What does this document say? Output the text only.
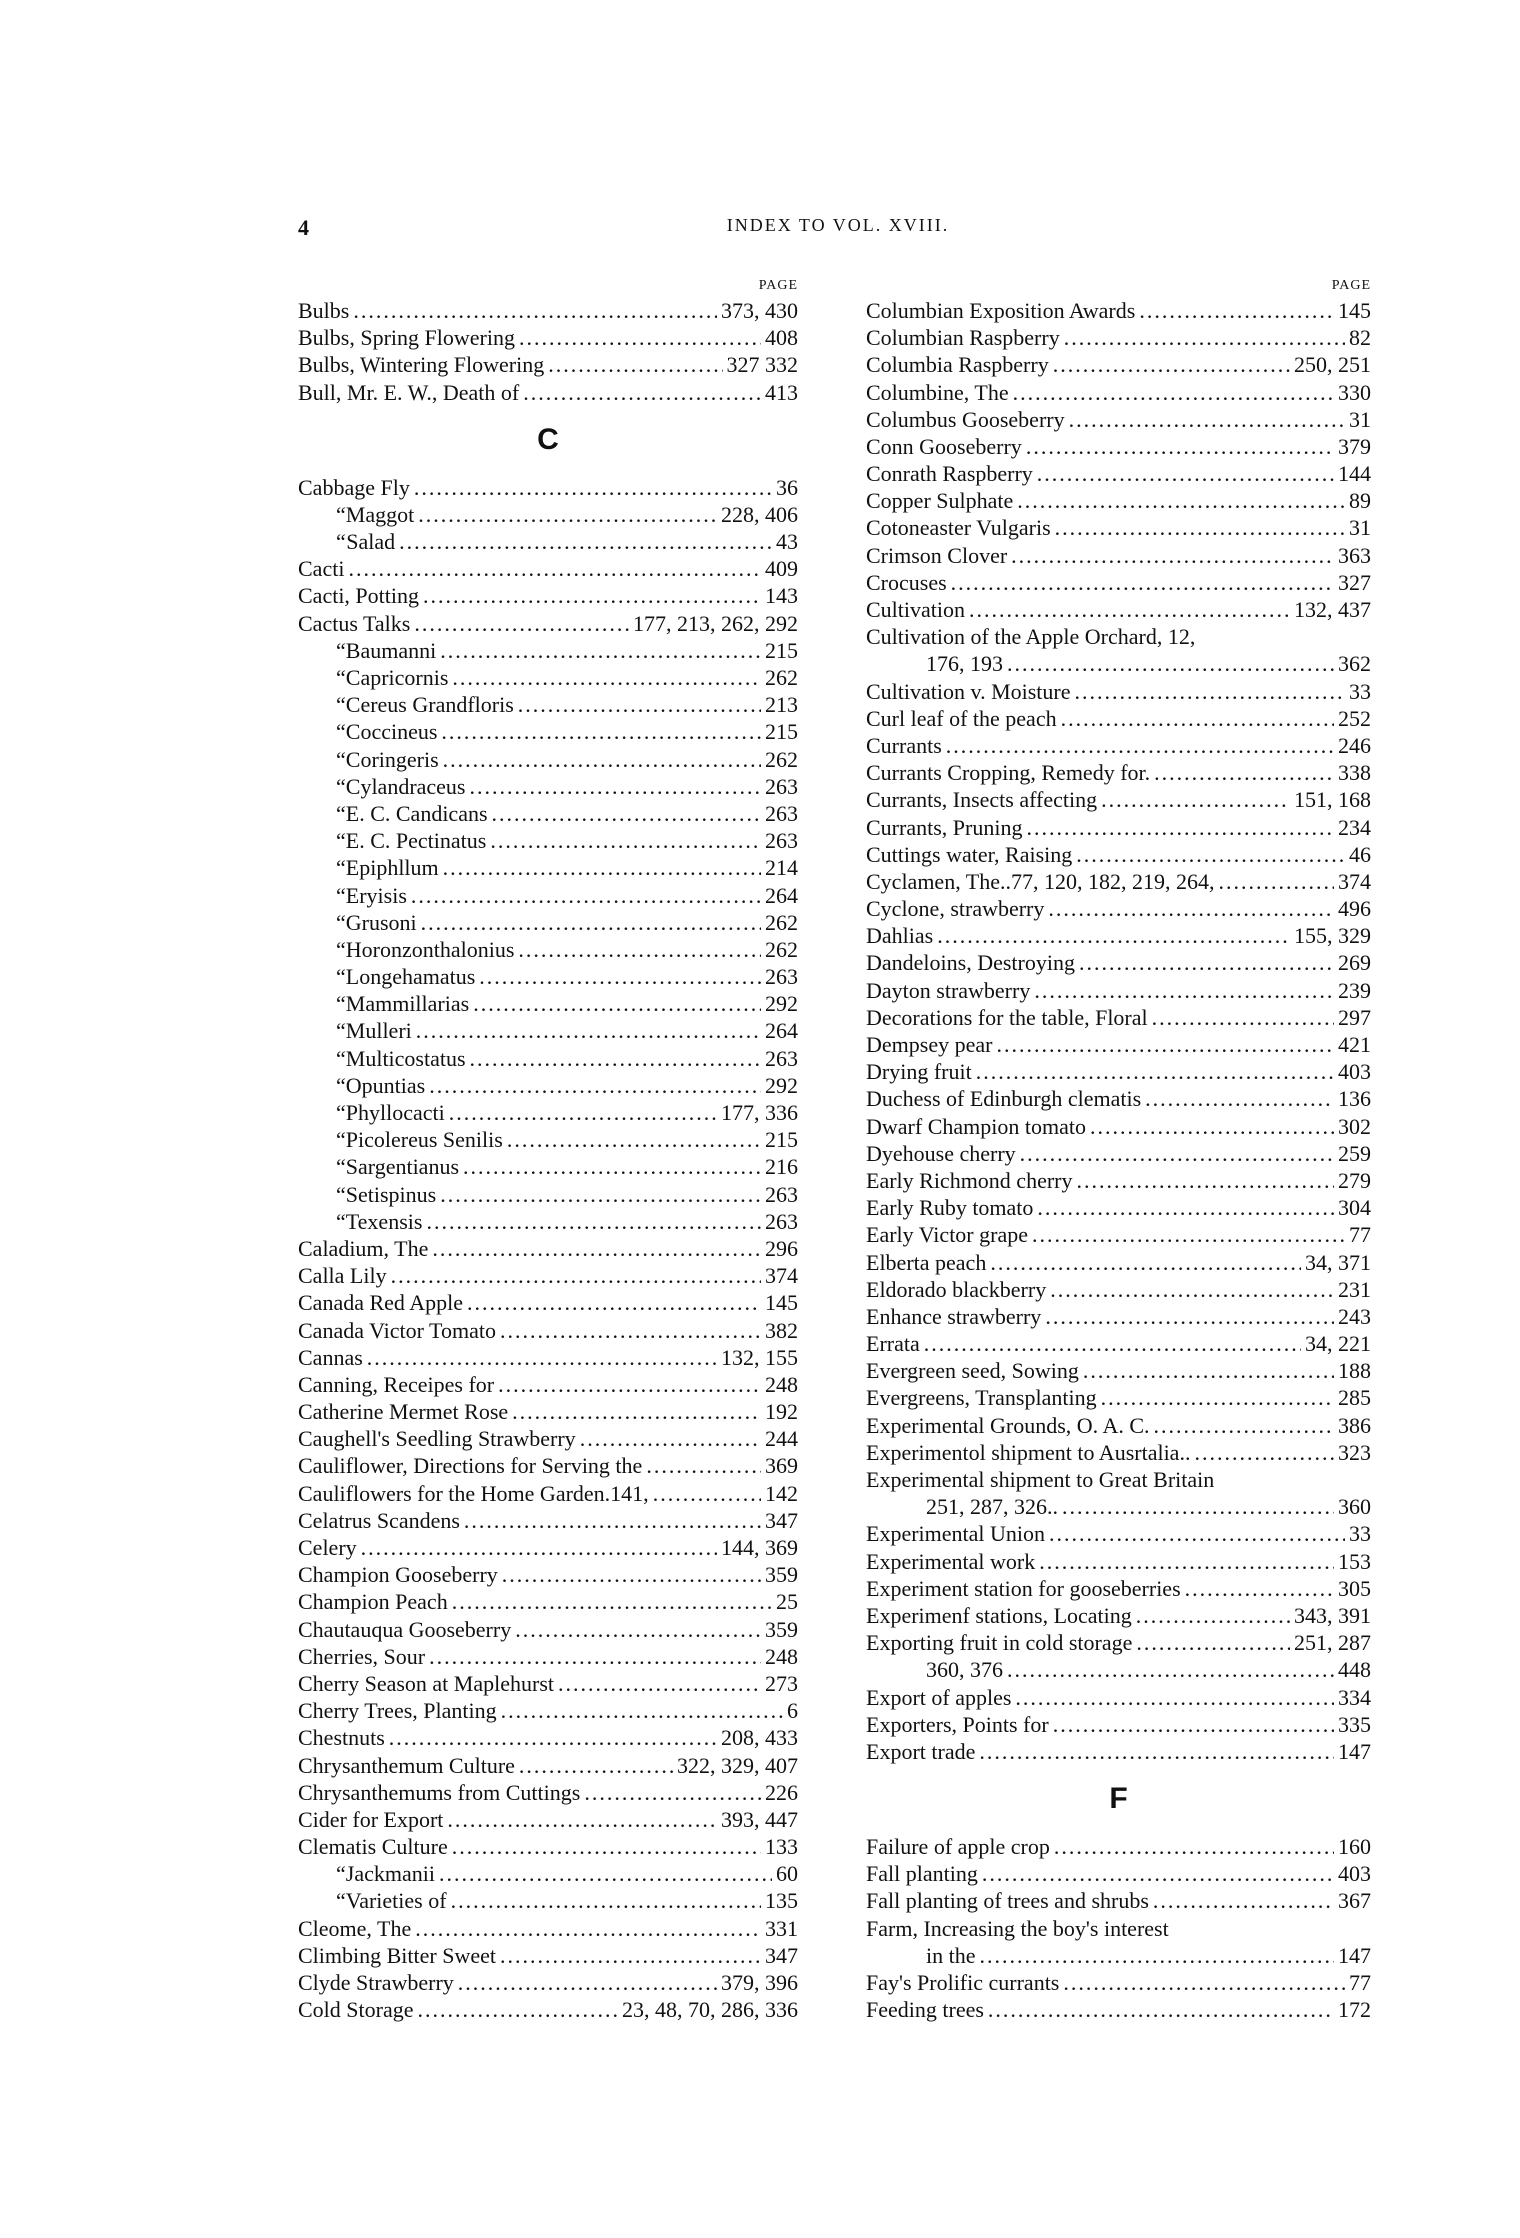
4	INDEX TO VOL. XVIII.
PAGE
Bulbs .....	373, 430
Bulbs, Spring Flowering .....	408
Bulbs, Wintering Flowering .....	327 332
Bull, Mr. E. W., Death of .....	413
C
Cabbage Fly .....	36
“ Maggot .....	228, 406
“ Salad .....	43
Cacti .....	409
Cacti, Potting .....	143
Cactus Talks .....	177, 213, 262, 292
“ Baumanni .....	215
“ Capricornis .....	262
“ Cereus Grandfloris .....	213
“ Coccineus .....	215
“ Coringeris .....	262
“ Cylandraceus .....	263
“ E. C. Candicans .....	263
“ E. C. Pectinatus .....	263
“ Epiphllum .....	214
“ Eryisis .....	264
“ Grusoni .....	262
“ Horonzonthalonius .....	262
“ Longehamatus .....	263
“ Mammillarias .....	292
“ Mulleri .....	264
“ Multicostatus .....	263
“ Opuntias .....	292
“ Phyllocacti .....	177, 336
“ Picolereus Senilis .....	215
“ Sargentianus .....	216
“ Setispinus .....	263
“ Texensis .....	263
Caladium, The .....	296
Calla Lily .....	374
Canada Red Apple .....	145
Canada Victor Tomato .....	382
Cannas .....	132, 155
Canning, Receipes for .....	248
Catherine Mermet Rose .....	192
Caughell's Seedling Strawberry .....	244
Cauliflower, Directions for Serving the .....	369
Cauliflowers for the Home Garden.141, .....	142
Celatrus Scandens .....	347
Celery .....	144, 369
Champion Gooseberry .....	359
Champion Peach .....	25
Chautauqua Gooseberry .....	359
Cherries, Sour .....	248
Cherry Season at Maplehurst .....	273
Cherry Trees, Planting .....	6
Chestnuts .....	208, 433
Chrysanthemum Culture .....	322, 329, 407
Chrysanthemums from Cuttings .....	226
Cider for Export .....	393, 447
Clematis Culture .....	133
“ Jackmanii .....	60
“ Varieties of .....	135
Cleome, The .....	331
Climbing Bitter Sweet .....	347
Clyde Strawberry .....	379, 396
Cold Storage .....	23, 48, 70, 286, 336
PAGE
Columbian Exposition Awards .....	145
Columbian Raspberry .....	82
Columbia Raspberry .....	250, 251
Columbine, The .....	330
Columbus Gooseberry .....	31
Conn Gooseberry .....	379
Conrath Raspberry .....	144
Copper Sulphate .....	89
Cotoneaster Vulgaris .....	31
Crimson Clover .....	363
Crocuses .....	327
Cultivation .....	132, 437
Cultivation of the Apple Orchard, 12,
176, 193 .....	362
Cultivation v. Moisture .....	33
Curl leaf of the peach .....	252
Currants .....	246
Currants Cropping, Remedy for. .....	338
Currants, Insects affecting .....	151, 168
Currants, Pruning .....	234
Cuttings water, Raising .....	46
Cyclamen, The..77, 120, 182, 219, 264, .....	374
Cyclone, strawberry .....	496
Dahlias .....	155, 329
Dandeloins, Destroying .....	269
Dayton strawberry .....	239
Decorations for the table, Floral .....	297
Dempsey pear .....	421
Drying fruit .....	403
Duchess of Edinburgh clematis .....	136
Dwarf Champion tomato .....	302
Dyehouse cherry .....	259
Early Richmond cherry .....	279
Early Ruby tomato .....	304
Early Victor grape .....	77
Elberta peach .....	34, 371
Eldorado blackberry .....	231
Enhance strawberry .....	243
Errata .....	34, 221
Evergreen seed, Sowing .....	188
Evergreens, Transplanting .....	285
Experimental Grounds, O. A. C. .....	386
Experimentol shipment to Ausrtalia.. .....	323
Experimental shipment to Great Britain
251, 287, 326.. .....	360
Experimental Union .....	33
Experimental work .....	153
Experiment station for gooseberries .....	305
Experimenf stations, Locating .....	343, 391
Exporting fruit in cold storage .....	251, 287
360, 376 .....	448
Export of apples .....	334
Exporters, Points for .....	335
Export trade .....	147
F
Failure of apple crop .....	160
Fall planting .....	403
Fall planting of trees and shrubs .....	367
Farm, Increasing the boy's interest
in the .....	147
Fay's Prolific currants .....	77
Feeding trees .....	172
